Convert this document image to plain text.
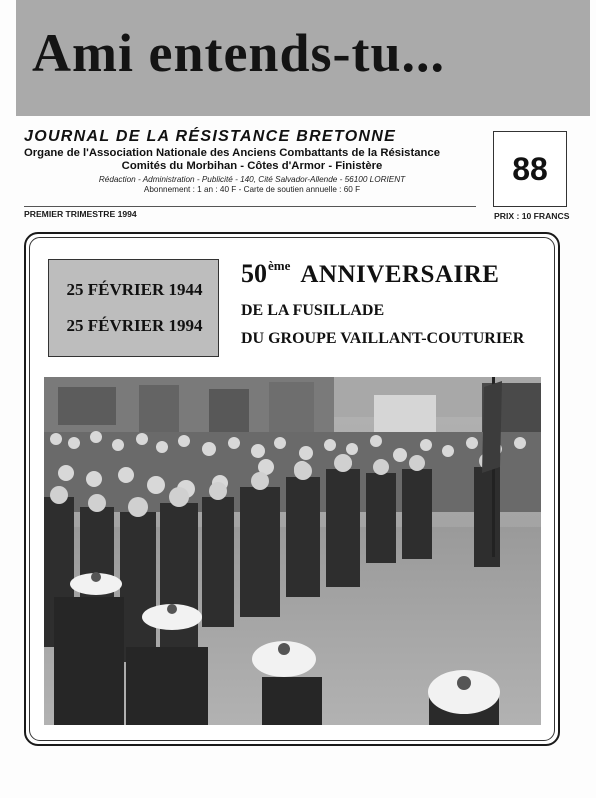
Ami entends-tu...
JOURNAL DE LA RÉSISTANCE BRETONNE
Organe de l'Association Nationale des Anciens Combattants de la Résistance
Comités du Morbihan - Côtes d'Armor - Finistère
Rédaction - Administration - Publicité - 140, Cité Salvador-Allende - 56100 LORIENT
Abonnement : 1 an : 40 F - Carte de soutien annuelle : 60 F
88
PREMIER TRIMESTRE 1994	PRIX : 10 FRANCS
25 FÉVRIER 1944
25 FÉVRIER 1994
50ème ANNIVERSAIRE
DE LA FUSILLADE
DU GROUPE VAILLANT-COUTURIER
